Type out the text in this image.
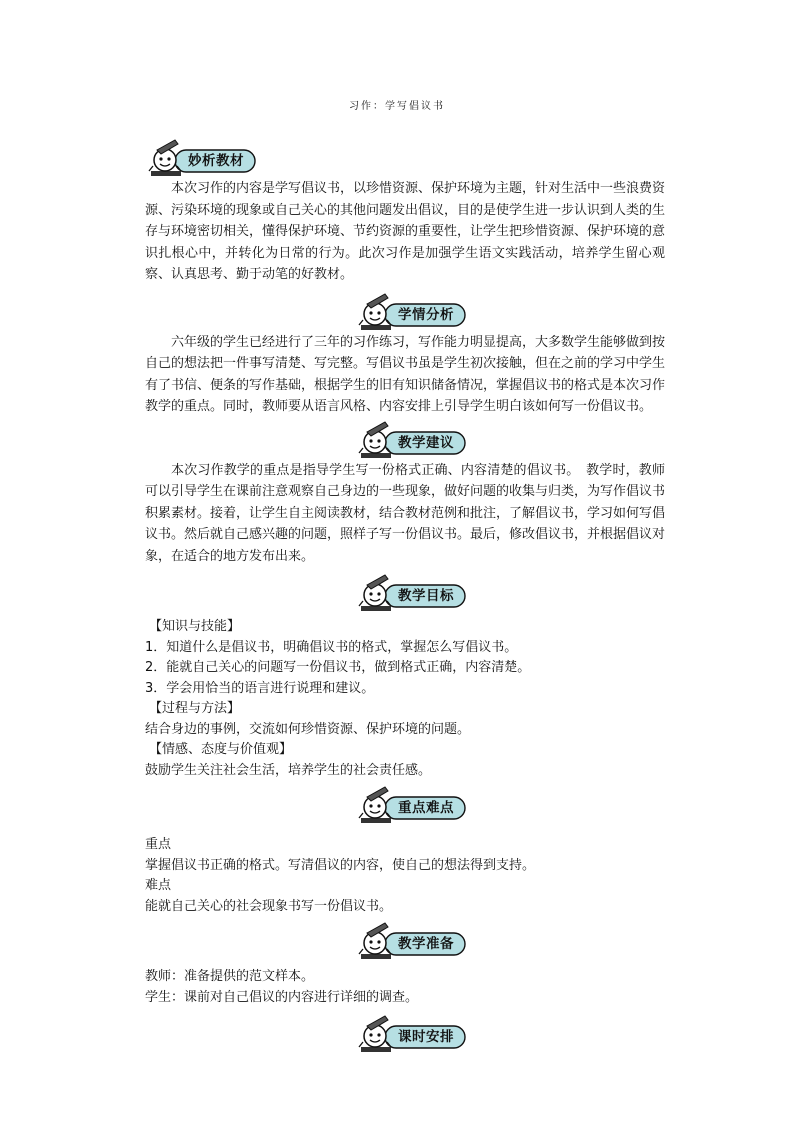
习作：学写倡议书
妙析教材

本次习作的内容是学写倡议书，以珍惜资源、保护环境为主题，针对生活中一些浪费资源、污染环境的现象或自己关心的其他问题发出倡议，目的是使学生进一步认识到人类的生存与环境密切相关，懂得保护环境、节约资源的重要性，让学生把珍惜资源、保护环境的意识扎根心中，并转化为日常的行为。此次习作是加强学生语文实践活动，培养学生留心观察、认真思考、勤于动笔的好教材。

学情分析

六年级的学生已经进行了三年的习作练习，写作能力明显提高，大多数学生能够做到按自己的想法把一件事写清楚、写完整。写倡议书虽是学生初次接触，但在之前的学习中学生有了书信、便条的写作基础，根据学生的旧有知识储备情况，掌握倡议书的格式是本次习作教学的重点。同时，教师要从语言风格、内容安排上引导学生明白该如何写一份倡议书。

教学建议

本次习作教学的重点是指导学生写一份格式正确、内容清楚的倡议书。　教学时，教师可以引导学生在课前注意观察自己身边的一些现象，做好问题的收集与归类，为写作倡议书积累素材。接着，让学生自主阅读教材，结合教材范例和批注，了解倡议书，学习如何写倡议书。然后就自己感兴趣的问题，照样子写一份倡议书。最后，修改倡议书，并根据倡议对象，在适合的地方发布出来。

教学目标
【知识与技能】
1．知道什么是倡议书，明确倡议书的格式，掌握怎么写倡议书。
2．能就自己关心的问题写一份倡议书，做到格式正确，内容清楚。
3．学会用恰当的语言进行说理和建议。
【过程与方法】
结合身边的事例，交流如何珍惜资源、保护环境的问题。
【情感、态度与价值观】
鼓励学生关注社会生活，培养学生的社会责任感。
重点难点
重点
掌握倡议书正确的格式。写清倡议的内容，使自己的想法得到支持。
难点
能就自己关心的社会现象书写一份倡议书。
教学准备
教师：准备提供的范文样本。
学生：课前对自己倡议的内容进行详细的调查。
课时安排
